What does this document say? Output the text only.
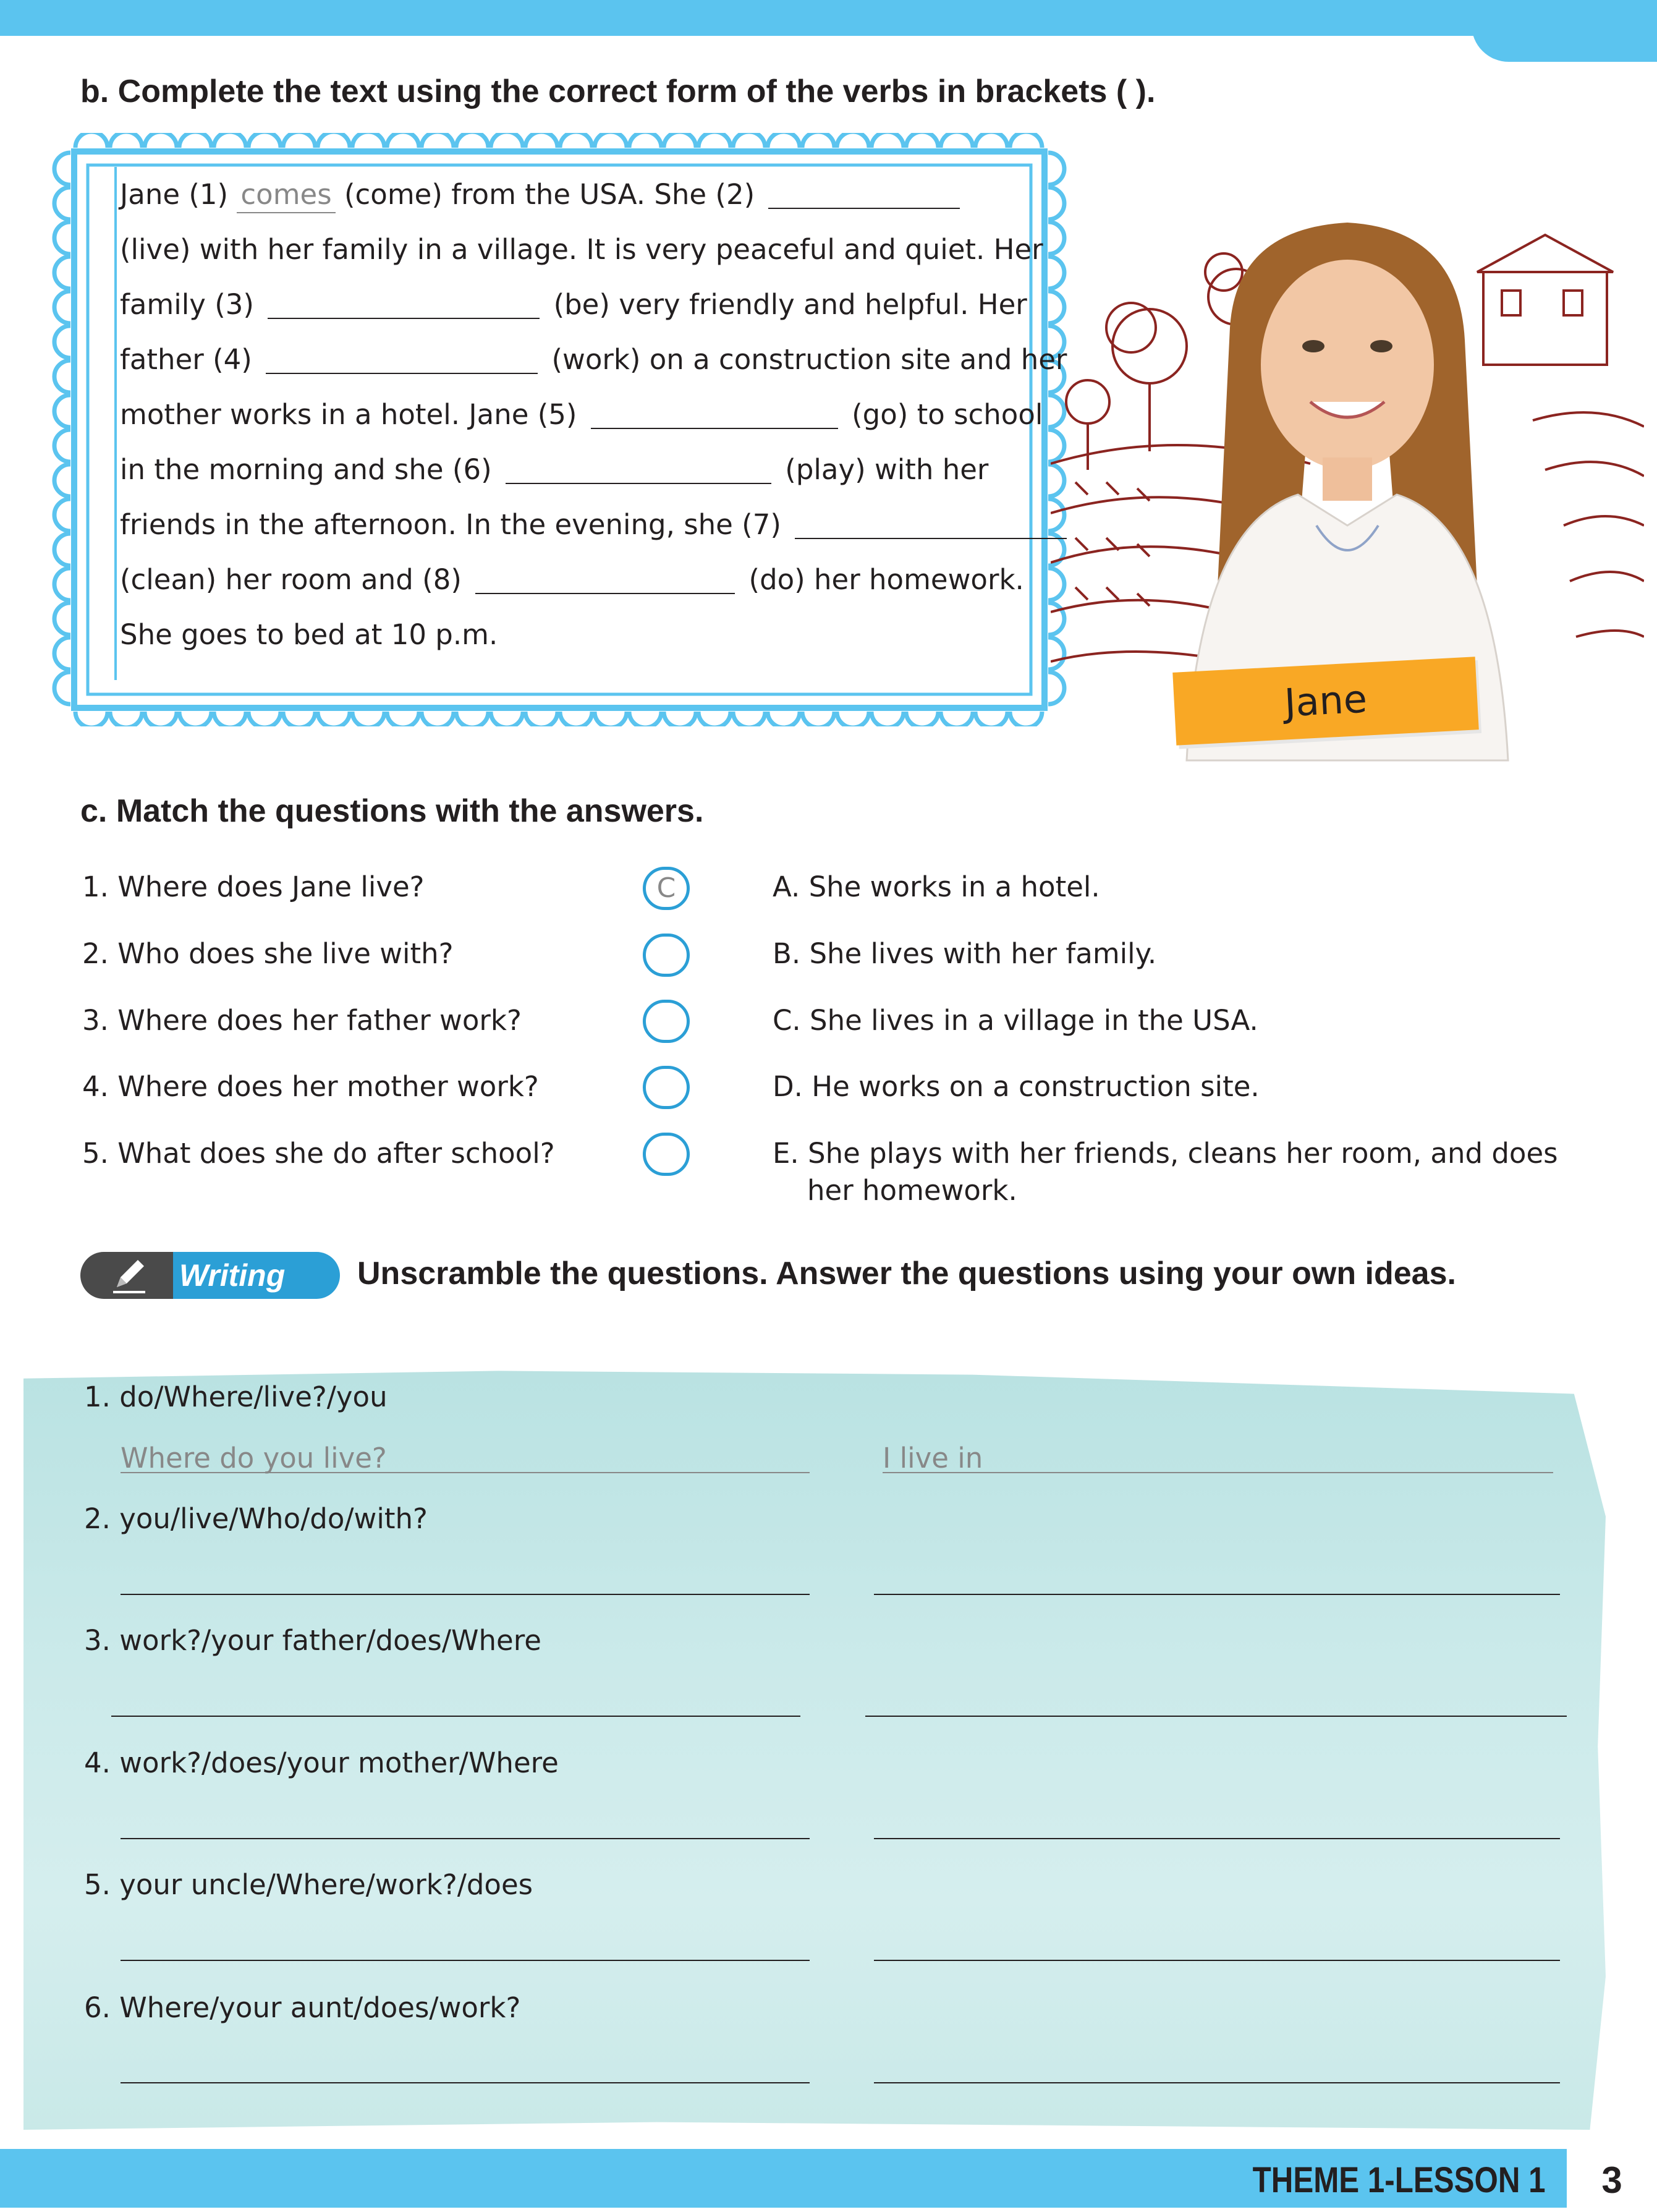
b. Complete the text using the correct form of the verbs in brackets ( ).
Jane (1) comes (come) from the USA. She (2)
(live) with her family in a village. It is very peaceful and quiet. Her
family (3)	(be) very friendly and helpful. Her
father (4)	(work) on a construction site and her
mother works in a hotel. Jane (5)	(go) to school
in the morning and she (6)	(play) with her
friends in the afternoon. In the evening, she (7)
(clean) her room and (8)	(do) her homework.
She goes to bed at 10 p.m.
Jane
c. Match the questions with the answers.
1. Where does Jane live?
2. Who does she live with?
3. Where does her father work?
4. Where does her mother work?
5. What does she do after school?
C	A. She works in a hotel.
B. She lives with her family.
C. She lives in a village in the USA.
D. He works on a construction site.
E. She plays with her friends, cleans her room, and does
her homework.
Writing Unscramble the questions. Answer the questions using your own ideas.
1. do/Where/live?/you
Where do you live?	I live in
2. you/live/Who/do/with?
3. work?/your father/does/Where
4. work?/does/your mother/Where
5. your uncle/Where/work?/does
6. Where/your aunt/does/work?
THEME 1-LESSON 1	3
